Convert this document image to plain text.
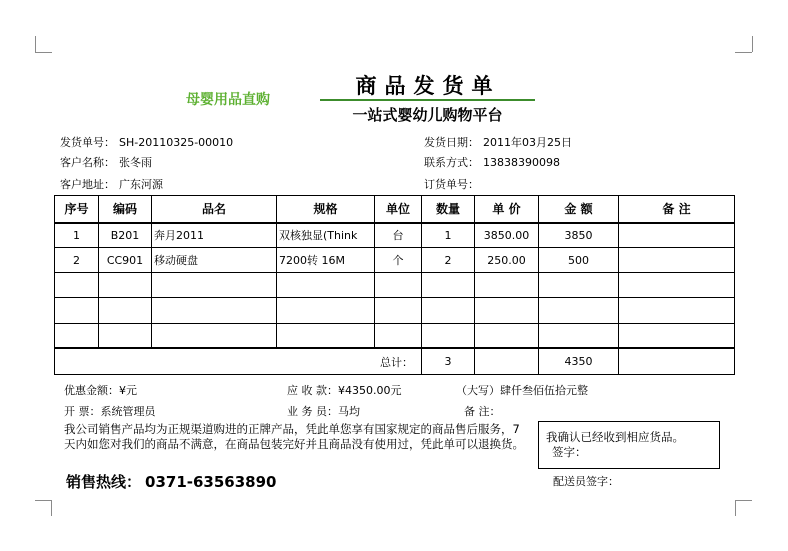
母婴用品直购
商品发货单
一站式婴幼儿购物平台
发货单号： SH-20110325-00010	发货日期： 2011年03月25日
客户名称： 张冬雨	联系方式： 13838390098
客户地址： 广东河源	订货单号：
序号	编码	品名	规格	单位	数量	单 价	金 额	备 注
1	B201	奔月2011	双核独显(Think	台	1	3850.00	3850	
2	CC901	移动硬盘	7200转 16M	个	2	250.00	500	

总计：					3		4350	
优惠金额：¥元	应 收 款：¥4350.00元	（大写）肆仟叁佰伍拾元整
开 票：系统管理员	业 务 员：马均	备 注：
我公司销售产品均为正规渠道购进的正牌产品，凭此单您享有国家规定的商品售后服务，7天内如您对我们的商品不满意，在商品包装完好并且商品没有使用过，凭此单可以退换货。
销售热线： 0371-63563890
我确认已经收到相应货品。
签字：
配送员签字：
